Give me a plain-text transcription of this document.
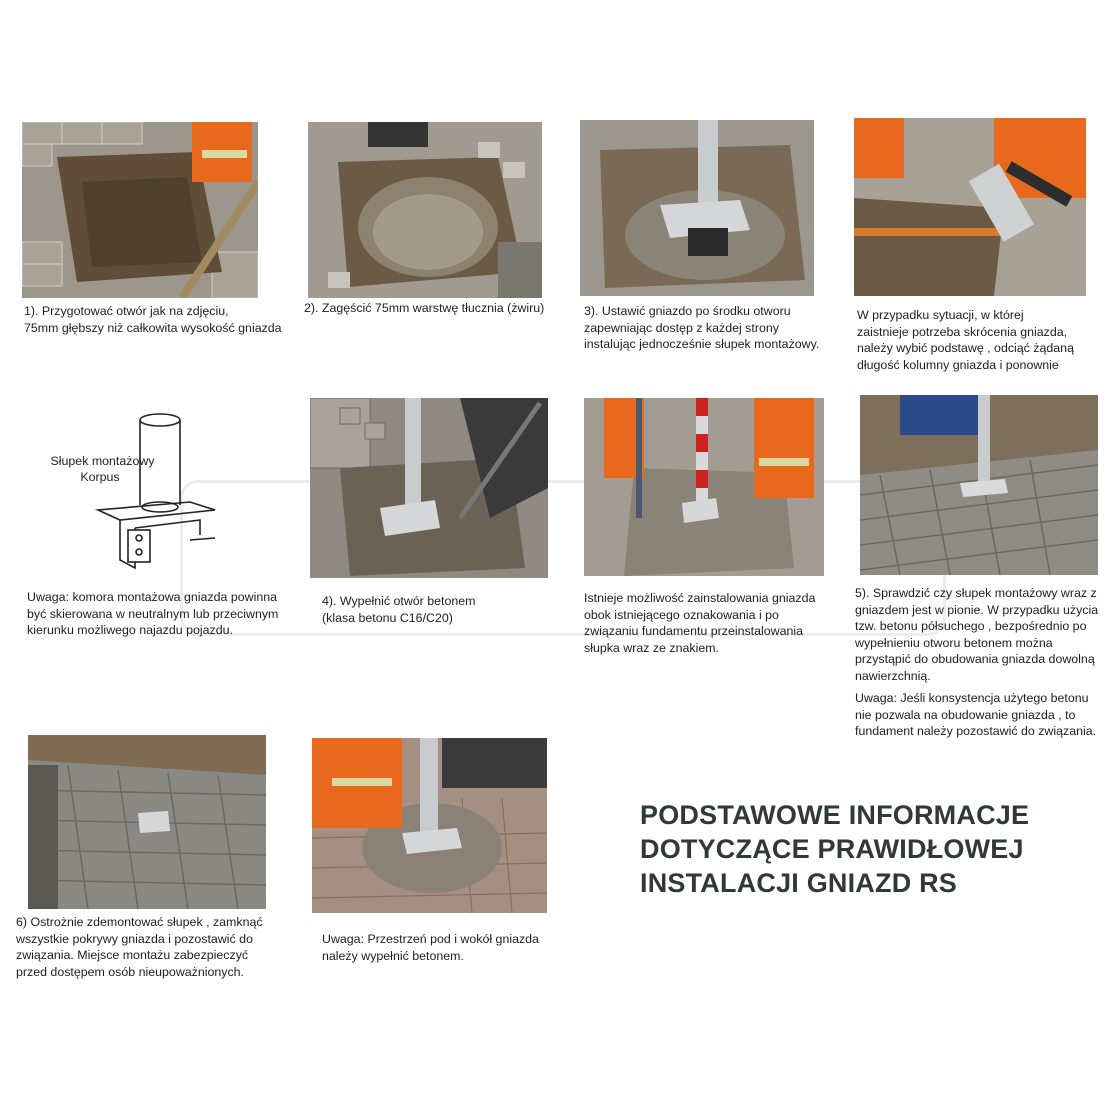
1). Przygotować otwór jak na zdjęciu,
75mm głębszy niż całkowita wysokość gniazda
2). Zagęścić 75mm warstwę tłucznia (żwiru)	3). Ustawić gniazdo po środku otworu
zapewniając dostęp z każdej strony
instalując jednocześnie słupek montażowy.
W przypadku sytuacji, w której
zaistnieje potrzeba skrócenia gniazda,
należy wybić podstawę , odciąć żądaną
długość kolumny gniazda i ponownie
Słupek montażowy
Korpus
Uwaga: komora montażowa gniazda powinna
być skierowana w neutralnym lub przeciwnym
kierunku możliwego najazdu pojazdu.
4). Wypełnić otwór betonem
(klasa betonu C16/C20)
Istnieje możliwość zainstalowania gniazda
obok istniejącego oznakowania i po
związaniu fundamentu przeinstalowania
słupka wraz ze znakiem.
5). Sprawdzić czy słupek montażowy wraz z
gniazdem jest w pionie. W przypadku użycia
tzw. betonu półsuchego , bezpośrednio po
wypełnieniu otworu betonem można
przystąpić do obudowania gniazda dowolną
nawierzchnią.
Uwaga: Jeśli konsystencja użytego betonu
nie pozwala na obudowanie gniazda , to
fundament należy pozostawić do związania.
6) Ostrożnie zdemontować słupek , zamknąć
wszystkie pokrywy gniazda i pozostawić do
związania. Miejsce montażu zabezpieczyć
przed dostępem osób nieupoważnionych.
Uwaga: Przestrzeń pod i wokół gniazda
należy wypełnić betonem.
PODSTAWOWE INFORMACJE
DOTYCZĄCE PRAWIDŁOWEJ
INSTALACJI GNIAZD RS
